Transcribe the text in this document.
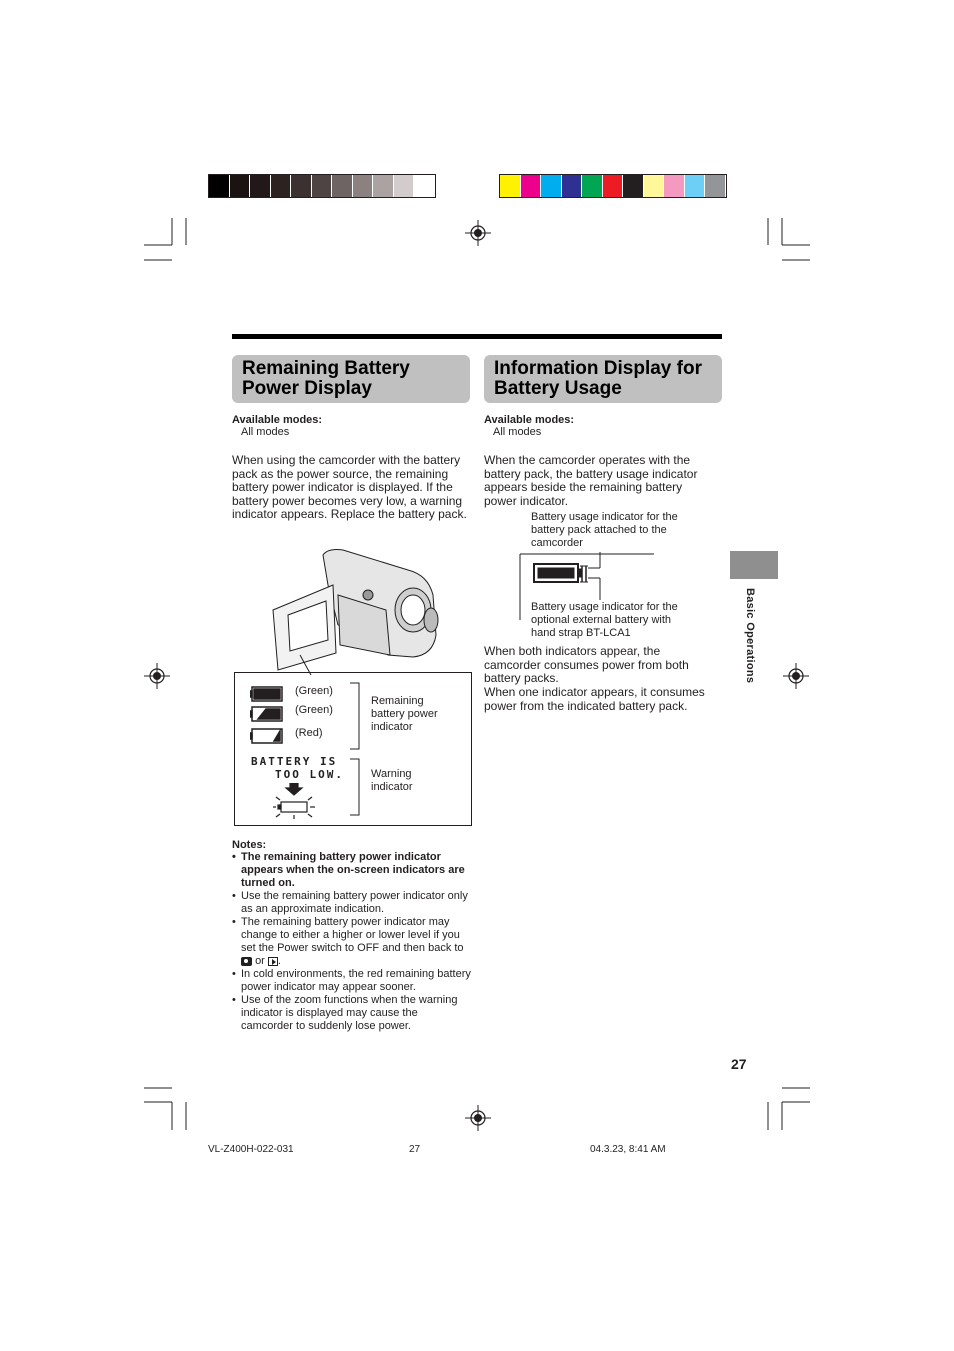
Remaining Battery Power Display
Available modes:
All modes
When using the camcorder with the battery pack as the power source, the remaining battery power indicator is displayed. If the battery power becomes very low, a warning indicator appears. Replace the battery pack.
(Green)
(Green)
(Red)
Remaining battery power indicator
BATTERY IS
TOO LOW. Warning indicator
Notes:
• The remaining battery power indicator appears when the on-screen indicators are turned on.
• Use the remaining battery power indicator only as an approximate indication.
• The remaining battery power indicator may change to either a higher or lower level if you set the Power switch to OFF and then back to
or .
• In cold environments, the red remaining battery power indicator may appear sooner.
• Use of the zoom functions when the warning indicator is displayed may cause the camcorder to suddenly lose power.
Information Display for Battery Usage
Available modes:
All modes
When the camcorder operates with the battery pack, the battery usage indicator appears beside the remaining battery power indicator.
Battery usage indicator for the battery pack attached to the camcorder
Battery usage indicator for the optional external battery with hand strap BT-LCA1
When both indicators appear, the camcorder consumes power from both battery packs.
When one indicator appears, it consumes power from the indicated battery pack.
Basic Operations
27
VL-Z400H-022-031	27	04.3.23, 8:41 AM
